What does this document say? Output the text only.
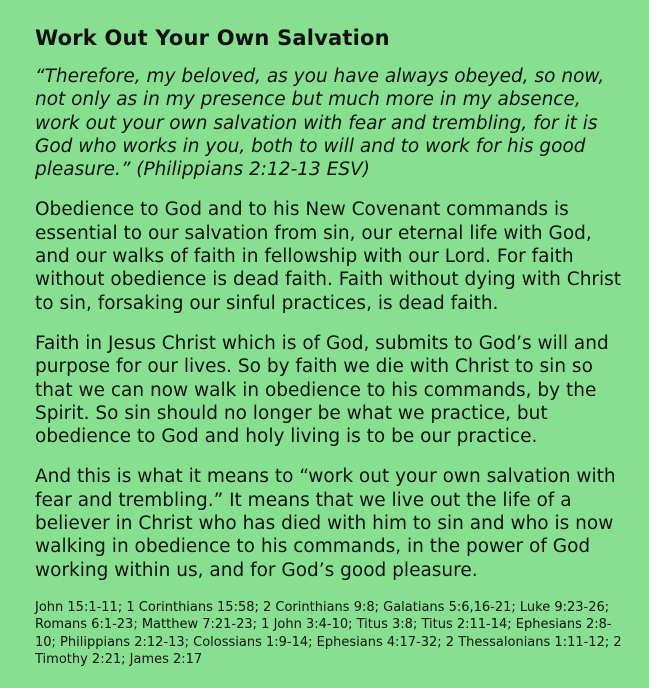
Work Out Your Own Salvation

“Therefore, my beloved, as you have always obeyed, so now, not only as in my presence but much more in my absence, work out your own salvation with fear and trembling, for it is God who works in you, both to will and to work for his good pleasure.” (Philippians 2:12-13 ESV)

Obedience to God and to his New Covenant commands is essential to our salvation from sin, our eternal life with God, and our walks of faith in fellowship with our Lord. For faith without obedience is dead faith. Faith without dying with Christ to sin, forsaking our sinful practices, is dead faith.

Faith in Jesus Christ which is of God, submits to God’s will and purpose for our lives. So by faith we die with Christ to sin so that we can now walk in obedience to his commands, by the Spirit. So sin should no longer be what we practice, but obedience to God and holy living is to be our practice.

And this is what it means to “work out your own salvation with fear and trembling.” It means that we live out the life of a believer in Christ who has died with him to sin and who is now walking in obedience to his commands, in the power of God working within us, and for God’s good pleasure.

John 15:1-11; 1 Corinthians 15:58; 2 Corinthians 9:8; Galatians 5:6,16-21; Luke 9:23-26; Romans 6:1-23; Matthew 7:21-23; 1 John 3:4-10; Titus 3:8; Titus 2:11-14; Ephesians 2:8-10; Philippians 2:12-13; Colossians 1:9-14; Ephesians 4:17-32; 2 Thessalonians 1:11-12; 2 Timothy 2:21; James 2:17
